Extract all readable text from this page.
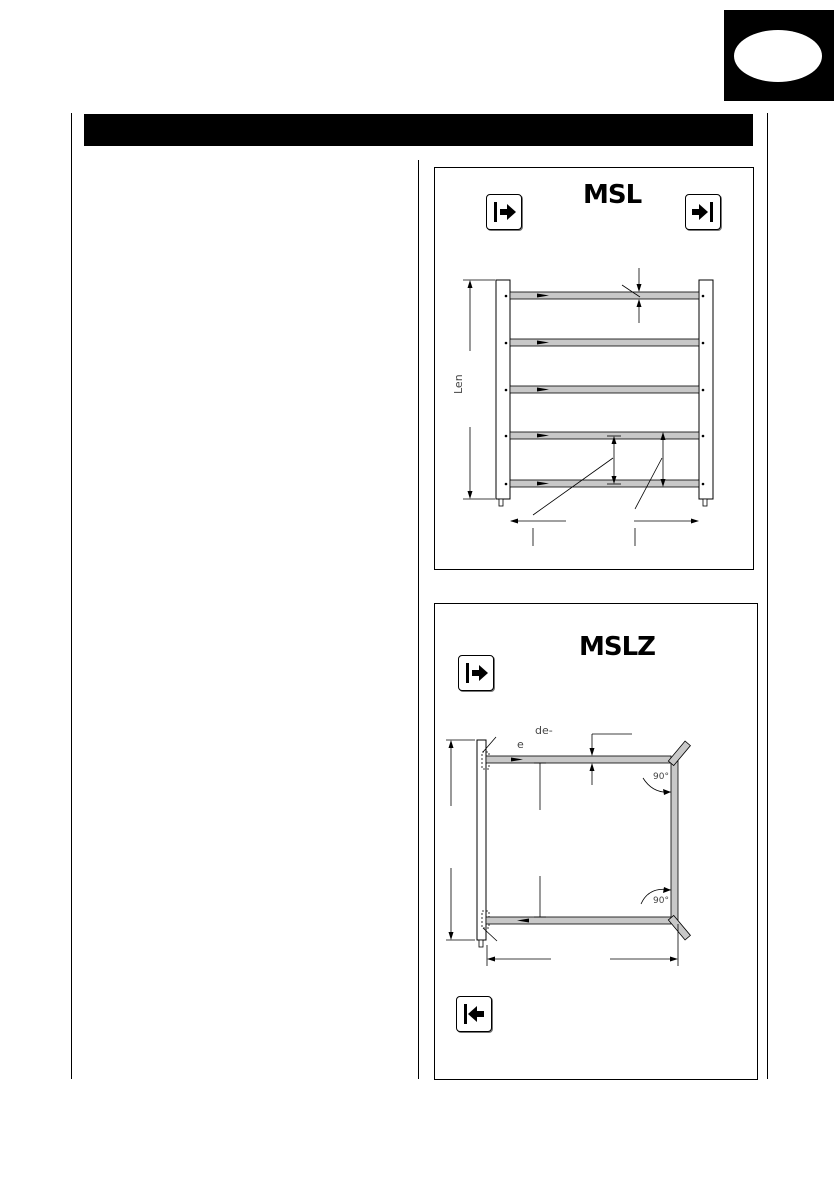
MSL
Len
MSLZ
de-
e
90°
90°
